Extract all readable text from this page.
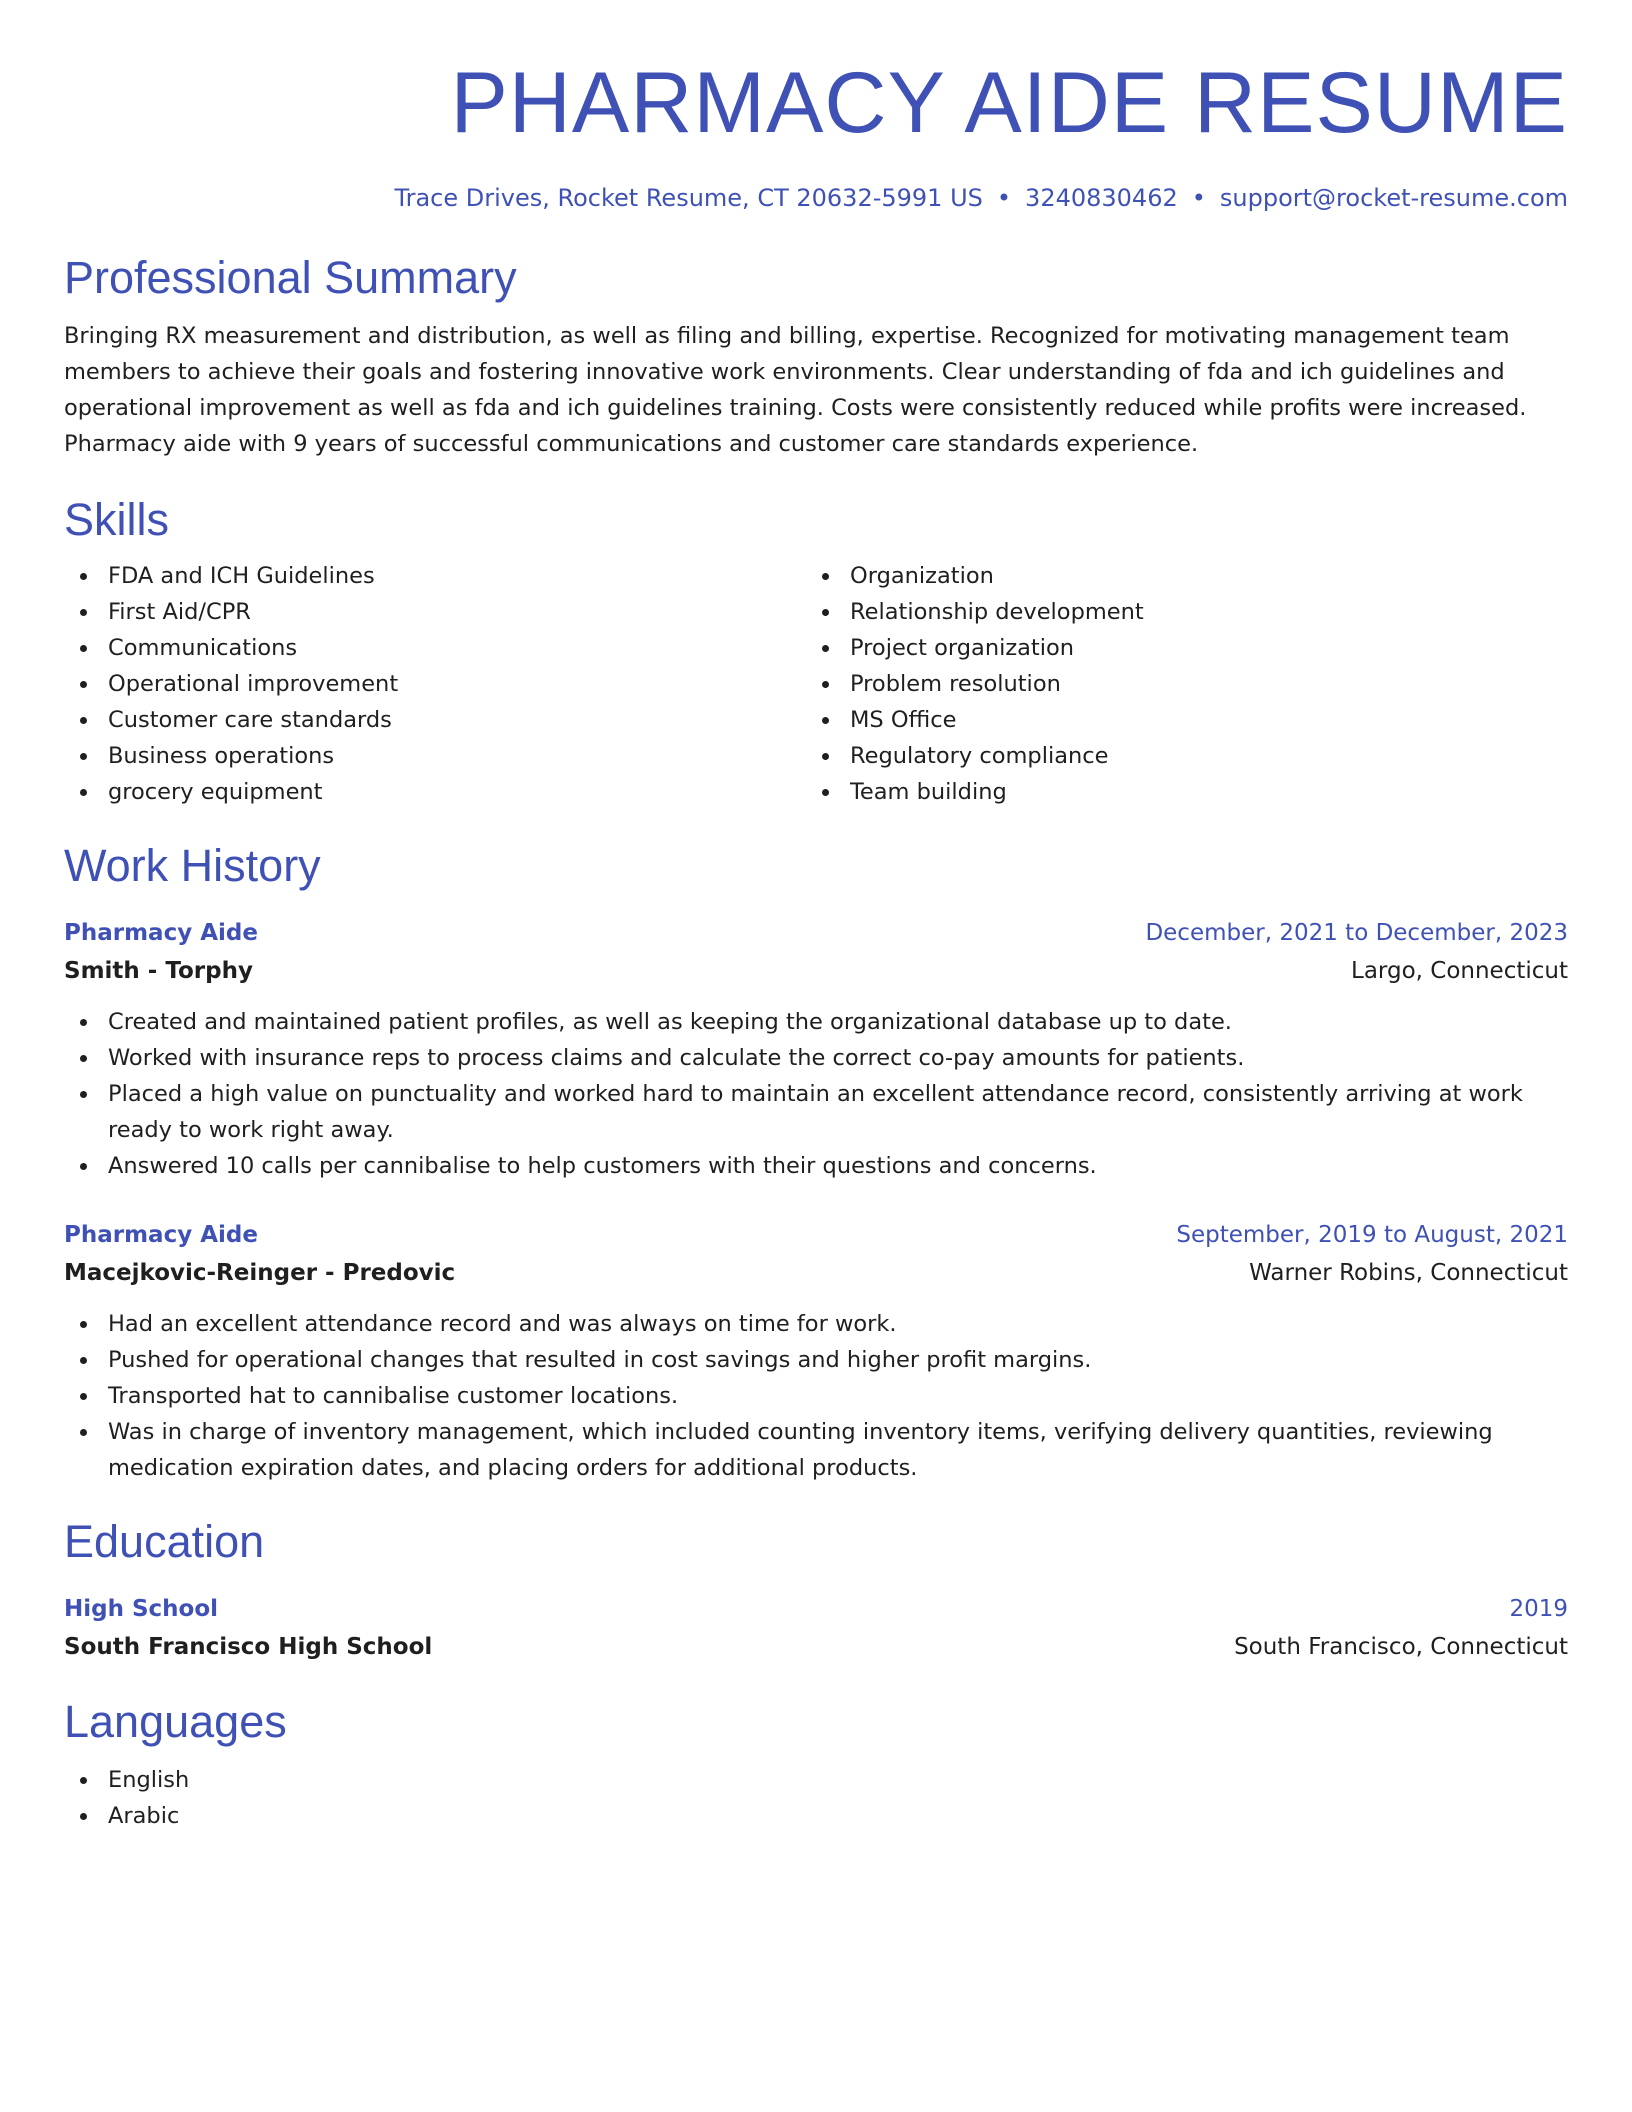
PHARMACY AIDE RESUME
Trace Drives, Rocket Resume, CT 20632-5991 US • 3240830462 • support@rocket-resume.com
Professional Summary

Bringing RX measurement and distribution, as well as filing and billing, expertise. Recognized for motivating management team members to achieve their goals and fostering innovative work environments. Clear understanding of fda and ich guidelines and operational improvement as well as fda and ich guidelines training. Costs were consistently reduced while profits were increased. Pharmacy aide with 9 years of successful communications and customer care standards experience.

Skills
FDA and ICH Guidelines
First Aid/CPR
Communications
Operational improvement
Customer care standards
Business operations
grocery equipment
Organization
Relationship development
Project organization
Problem resolution
MS Office
Regulatory compliance
Team building
Work History
Pharmacy Aide	December, 2021 to December, 2023
Smith - Torphy	Largo, Connecticut
Created and maintained patient profiles, as well as keeping the organizational database up to date.
Worked with insurance reps to process claims and calculate the correct co-pay amounts for patients.
Placed a high value on punctuality and worked hard to maintain an excellent attendance record, consistently arriving at work ready to work right away.
Answered 10 calls per cannibalise to help customers with their questions and concerns.
Pharmacy Aide	September, 2019 to August, 2021
Macejkovic-Reinger - Predovic	Warner Robins, Connecticut
Had an excellent attendance record and was always on time for work.
Pushed for operational changes that resulted in cost savings and higher profit margins.
Transported hat to cannibalise customer locations.
Was in charge of inventory management, which included counting inventory items, verifying delivery quantities, reviewing medication expiration dates, and placing orders for additional products.
Education
High School	2019
South Francisco High School	South Francisco, Connecticut
Languages
English
Arabic
